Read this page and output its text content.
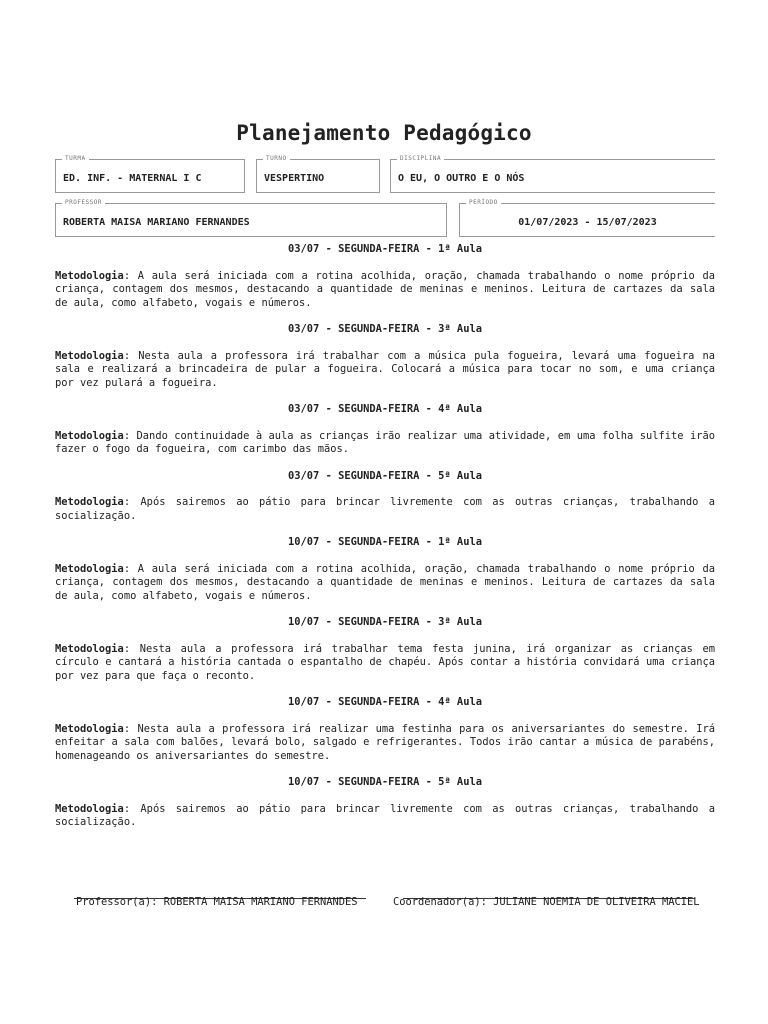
Planejamento Pedagógico
TURMA
ED. INF. - MATERNAL I C
TURNO
VESPERTINO
DISCIPLINA
O EU, O OUTRO E O NÓS
PROFESSOR
ROBERTA MAISA MARIANO FERNANDES
PERÍODO
01/07/2023 - 15/07/2023
03/07 - SEGUNDA-FEIRA - 1ª Aula
Metodologia: A aula será iniciada com a rotina acolhida, oração, chamada trabalhando o nome próprio da criança, contagem dos mesmos, destacando a quantidade de meninas e meninos. Leitura de cartazes da sala de aula, como alfabeto, vogais e números.
03/07 - SEGUNDA-FEIRA - 3ª Aula
Metodologia: Nesta aula a professora irá trabalhar com a música pula fogueira, levará uma fogueira na sala e realizará a brincadeira de pular a fogueira. Colocará a música para tocar no som, e uma criança por vez pulará a fogueira.
03/07 - SEGUNDA-FEIRA - 4ª Aula
Metodologia: Dando continuidade à aula as crianças irão realizar uma atividade, em uma folha sulfite irão fazer o fogo da fogueira, com carimbo das mãos.
03/07 - SEGUNDA-FEIRA - 5ª Aula
Metodologia: Após sairemos ao pátio para brincar livremente com as outras crianças, trabalhando a socialização.
10/07 - SEGUNDA-FEIRA - 1ª Aula
Metodologia: A aula será iniciada com a rotina acolhida, oração, chamada trabalhando o nome próprio da criança, contagem dos mesmos, destacando a quantidade de meninas e meninos. Leitura de cartazes da sala de aula, como alfabeto, vogais e números.
10/07 - SEGUNDA-FEIRA - 3ª Aula
Metodologia: Nesta aula a professora irá trabalhar tema festa junina, irá organizar as crianças em círculo e cantará a história cantada o espantalho de chapéu. Após contar a história convidará uma criança por vez para que faça o reconto.
10/07 - SEGUNDA-FEIRA - 4ª Aula
Metodologia: Nesta aula a professora irá realizar uma festinha para os aniversariantes do semestre. Irá enfeitar a sala com balões, levará bolo, salgado e refrigerantes. Todos irão cantar a música de parabéns, homenageando os aniversariantes do semestre.
10/07 - SEGUNDA-FEIRA - 5ª Aula
Metodologia: Após sairemos ao pátio para brincar livremente com as outras crianças, trabalhando a socialização.
Professor(a): ROBERTA MAISA MARIANO FERNANDES	Coordenador(a): JULIANE NOEMIA DE OLIVEIRA MACIEL
